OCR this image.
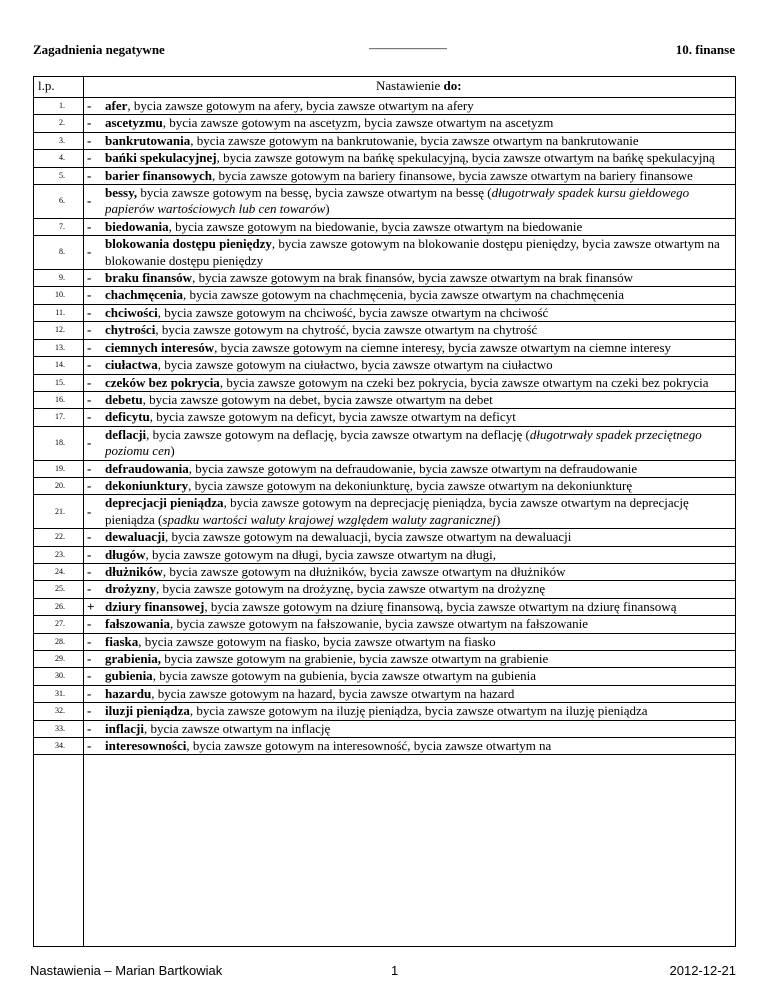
Zagadnienia negatywne	——————	10. finanse
l.p.	Nastawienie do:
1.	-	afer, bycia zawsze gotowym na afery, bycia zawsze otwartym na afery
2.	-	ascetyzmu, bycia zawsze gotowym na ascetyzm, bycia zawsze otwartym na ascetyzm
3.	-	bankrutowania, bycia zawsze gotowym na bankrutowanie, bycia zawsze otwartym na bankrutowanie
4.	-	bańki spekulacyjnej, bycia zawsze gotowym na bańkę spekulacyjną, bycia zawsze otwartym na bańkę spekulacyjną
5.	-	barier finansowych, bycia zawsze gotowym na bariery finansowe, bycia zawsze otwartym na bariery finansowe
6.	-
bessy, bycia zawsze gotowym na bessę, bycia zawsze otwartym na bessę (długotrwały spadek kursu giełdowego papierów wartościowych lub cen towarów)
7.	-	biedowania, bycia zawsze gotowym na biedowanie, bycia zawsze otwartym na biedowanie
8.	-
blokowania dostępu pieniędzy, bycia zawsze gotowym na blokowanie dostępu pieniędzy, bycia zawsze otwartym na blokowanie dostępu pieniędzy
9.	-	braku finansów, bycia zawsze gotowym na brak finansów, bycia zawsze otwartym na brak finansów
10.	-	chachmęcenia, bycia zawsze gotowym na chachmęcenia, bycia zawsze otwartym na chachmęcenia
11.	-	chciwości, bycia zawsze gotowym na chciwość, bycia zawsze otwartym na chciwość
12.	-	chytrości, bycia zawsze gotowym na chytrość, bycia zawsze otwartym na chytrość
13.	-	ciemnych interesów, bycia zawsze gotowym na ciemne interesy, bycia zawsze otwartym na ciemne interesy
14.	-	ciułactwa, bycia zawsze gotowym na ciułactwo, bycia zawsze otwartym na ciułactwo
15.	-	czeków bez pokrycia, bycia zawsze gotowym na czeki bez pokrycia, bycia zawsze otwartym na czeki bez pokrycia
16.	-	debetu, bycia zawsze gotowym na debet, bycia zawsze otwartym na debet
17.	-	deficytu, bycia zawsze gotowym na deficyt, bycia zawsze otwartym na deficyt
18.	-
deflacji, bycia zawsze gotowym na deflację, bycia zawsze otwartym na deflację (długotrwały spadek przeciętnego poziomu cen)
19.	-	defraudowania, bycia zawsze gotowym na defraudowanie, bycia zawsze otwartym na defraudowanie
20.	-	dekoniunktury, bycia zawsze gotowym na dekoniunkturę, bycia zawsze otwartym na dekoniunkturę
21.	-
deprecjacji pieniądza, bycia zawsze gotowym na deprecjację pieniądza, bycia zawsze otwartym na deprecjację pieniądza (spadku wartości waluty krajowej względem waluty zagranicznej)
22.	-	dewaluacji, bycia zawsze gotowym na dewaluacji, bycia zawsze otwartym na dewaluacji
23.	-	długów, bycia zawsze gotowym na długi, bycia zawsze otwartym na długi,
24.	-	dłużników, bycia zawsze gotowym na dłużników, bycia zawsze otwartym na dłużników
25.	-	drożyzny, bycia zawsze gotowym na drożyznę, bycia zawsze otwartym na drożyznę
26.	+ dziury finansowej, bycia zawsze gotowym na dziurę finansową, bycia zawsze otwartym na dziurę finansową
27.	-	fałszowania, bycia zawsze gotowym na fałszowanie, bycia zawsze otwartym na fałszowanie
28.	-	fiaska, bycia zawsze gotowym na fiasko, bycia zawsze otwartym na fiasko
29.	-	grabienia, bycia zawsze gotowym na grabienie, bycia zawsze otwartym na grabienie
30.	-	gubienia, bycia zawsze gotowym na gubienia, bycia zawsze otwartym na gubienia
31.	-	hazardu, bycia zawsze gotowym na hazard, bycia zawsze otwartym na hazard
32.	-	iluzji pieniądza, bycia zawsze gotowym na iluzję pieniądza, bycia zawsze otwartym na iluzję pieniądza
33.	-	inflacji, bycia zawsze otwartym na inflację
34.	-	interesowności, bycia zawsze gotowym na interesowność, bycia zawsze otwartym na
Nastawienia – Marian Bartkowiak	1	2012-12-21
